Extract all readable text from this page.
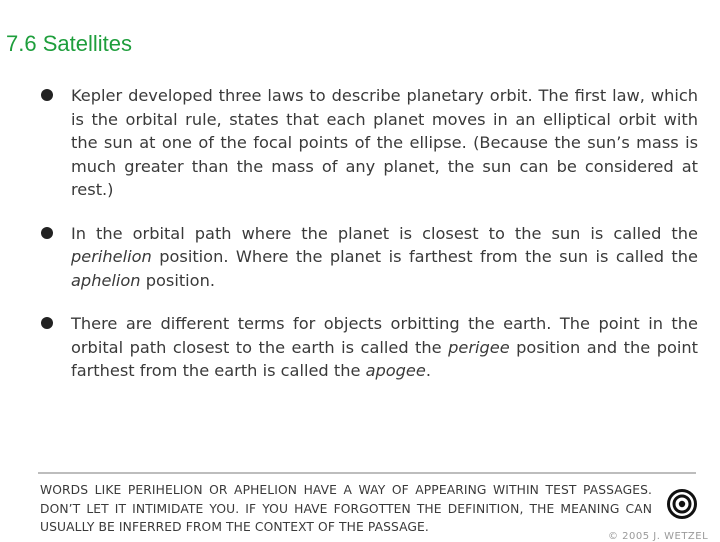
7.6 Satellites
Kepler developed three laws to describe planetary orbit. The first law, which is the orbital rule, states that each planet moves in an elliptical orbit with the sun at one of the focal points of the ellipse. (Because the sun’s mass is much greater than the mass of any planet, the sun can be considered at rest.)
In the orbital path where the planet is closest to the sun is called the perihelion position. Where the planet is farthest from the sun is called the aphelion position.
There are different terms for objects orbitting the earth. The point in the orbital path closest to the earth is called the perigee position and the point farthest from the earth is called the apogee.

WORDS LIKE PERIHELION OR APHELION HAVE A WAY OF APPEARING WITHIN TEST PASSAGES. DON’T LET IT INTIMIDATE YOU. IF YOU HAVE FORGOTTEN THE DEFINITION, THE MEANING CAN USUALLY BE INFERRED FROM THE CONTEXT OF THE PASSAGE.

© 2005 J. WETZEL
